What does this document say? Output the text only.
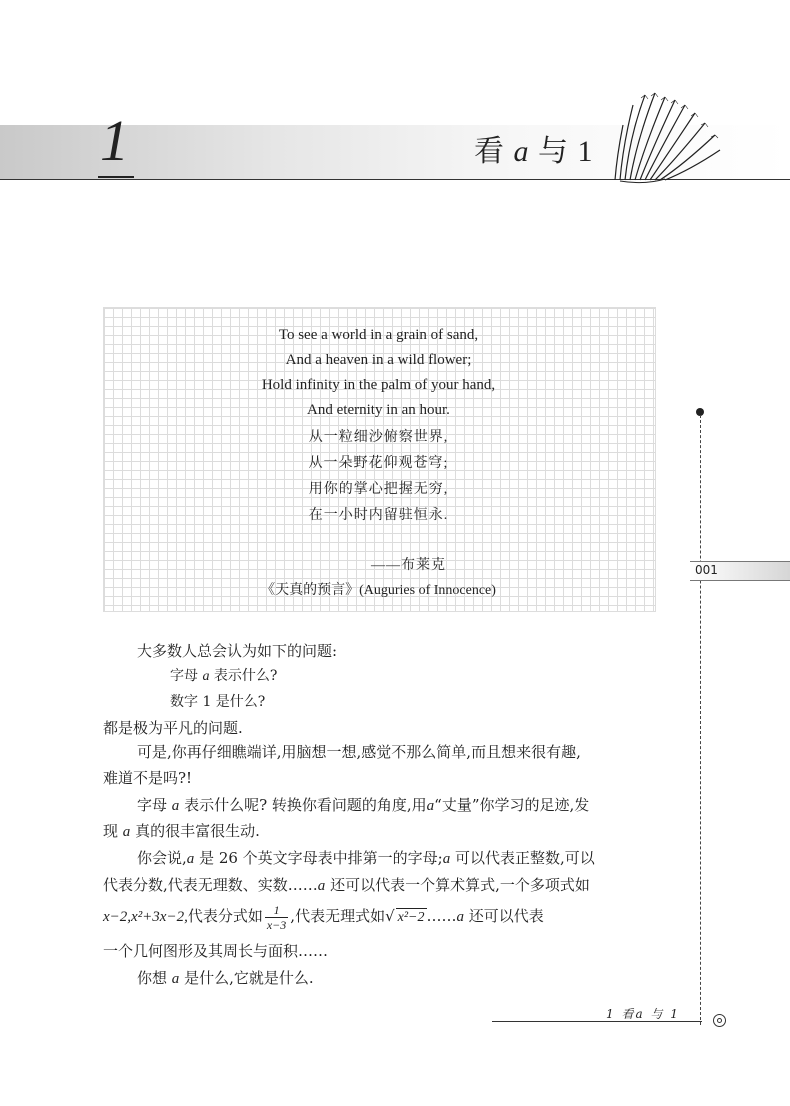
1	看 a 与 1
To see a world in a grain of sand,
And a heaven in a wild flower;
Hold infinity in the palm of your hand,
And eternity in an hour.
从一粒细沙俯察世界,
从一朵野花仰观苍穹;
用你的掌心把握无穷,
在一小时内留驻恒永.
——布莱克
《天真的预言》(Auguries of Innocence)
大多数人总会认为如下的问题:
字母 a 表示什么?
数字 1 是什么?
都是极为平凡的问题.
可是,你再仔细瞧端详,用脑想一想,感觉不那么简单,而且想来很有趣,
难道不是吗?!
字母 a 表示什么呢? 转换你看问题的角度,用a“丈量”你学习的足迹,发
现 a 真的很丰富很生动.
你会说,a 是 26 个英文字母表中排第一的字母;a 可以代表正整数,可以
代表分数,代表无理数、实数……a 还可以代表一个算术算式,一个多项式如
x−2,x²+3x−2,代表分式如 $\frac{1}{x-3}$ ,代表无理式如√ x²−2 ……a 还可以代表
一个几何图形及其周长与面积……
你想 a 是什么,它就是什么.
001
1 看a 与 1
